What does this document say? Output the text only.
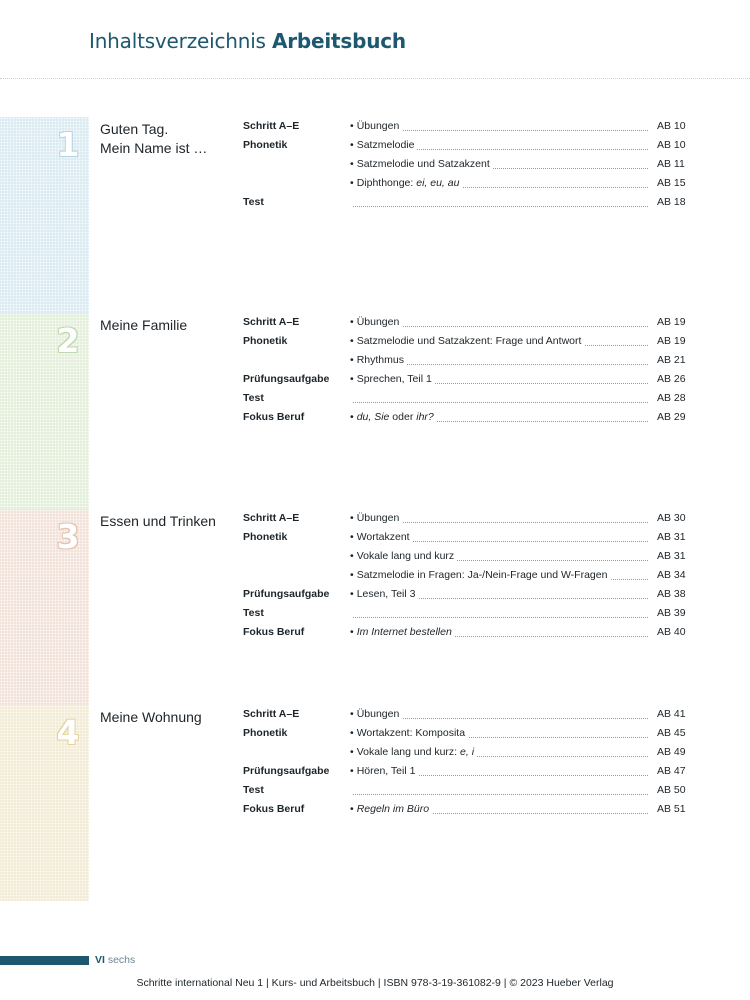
Inhaltsverzeichnis Arbeitsbuch
1 Guten Tag.
Mein Name ist …
Schritt A–E	• Übungen	AB 10
Phonetik	• Satzmelodie	AB 10
• Satzmelodie und Satzakzent	AB 11
• Diphthonge: ei, eu, au	AB 15
Test	AB 18
2 Meine Familie	Schritt A–E	• Übungen	AB 19
Phonetik	• Satzmelodie und Satzakzent: Frage und Antwort	AB 19
• Rhythmus	AB 21
Prüfungsaufgabe • Sprechen, Teil 1	AB 26
Test	AB 28
Fokus Beruf	• du, Sie oder ihr?	AB 29
3 Essen und Trinken	Schritt A–E	• Übungen	AB 30
Phonetik	• Wortakzent	AB 31
• Vokale lang und kurz	AB 31
• Satzmelodie in Fragen: Ja-/Nein-Frage und W-Fragen	AB 34
Prüfungsaufgabe • Lesen, Teil 3	AB 38
Test	AB 39
Fokus Beruf	• Im Internet bestellen	AB 40
4 Meine Wohnung	Schritt A–E	• Übungen	AB 41
Phonetik	• Wortakzent: Komposita	AB 45
• Vokale lang und kurz: e, i	AB 49
Prüfungsaufgabe • Hören, Teil 1	AB 47
Test	AB 50
Fokus Beruf	• Regeln im Büro	AB 51
VI sechs
Schritte international Neu 1 | Kurs- und Arbeitsbuch | ISBN 978-3-19-361082-9 | © 2023 Hueber Verlag
